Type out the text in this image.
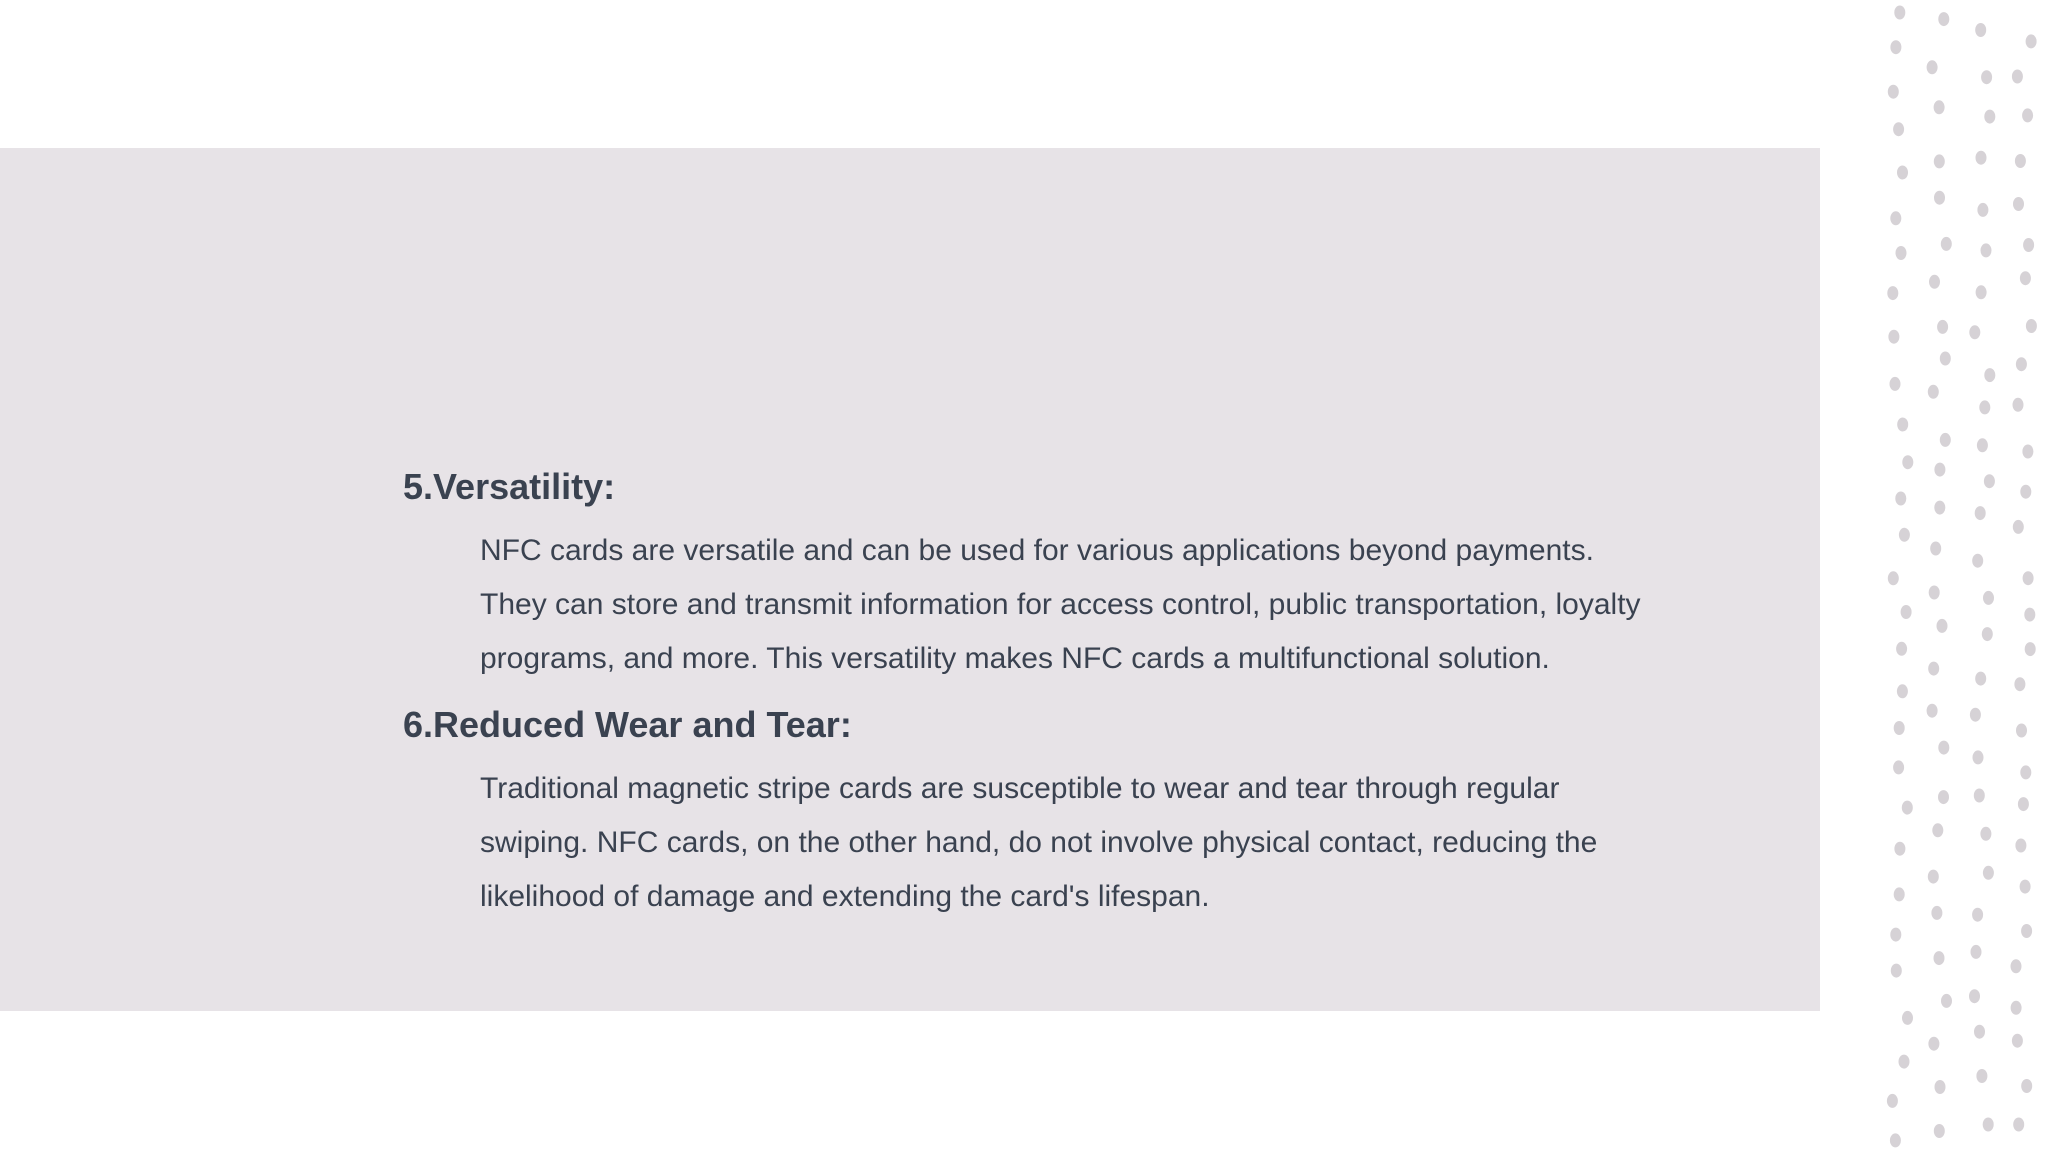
5.Versatility:

NFC cards are versatile and can be used for various applications beyond payments. They can store and transmit information for access control, public transportation, loyalty programs, and more. This versatility makes NFC cards a multifunctional solution.

6.Reduced Wear and Tear:

Traditional magnetic stripe cards are susceptible to wear and tear through regular swiping. NFC cards, on the other hand, do not involve physical contact, reducing the likelihood of damage and extending the card's lifespan.
